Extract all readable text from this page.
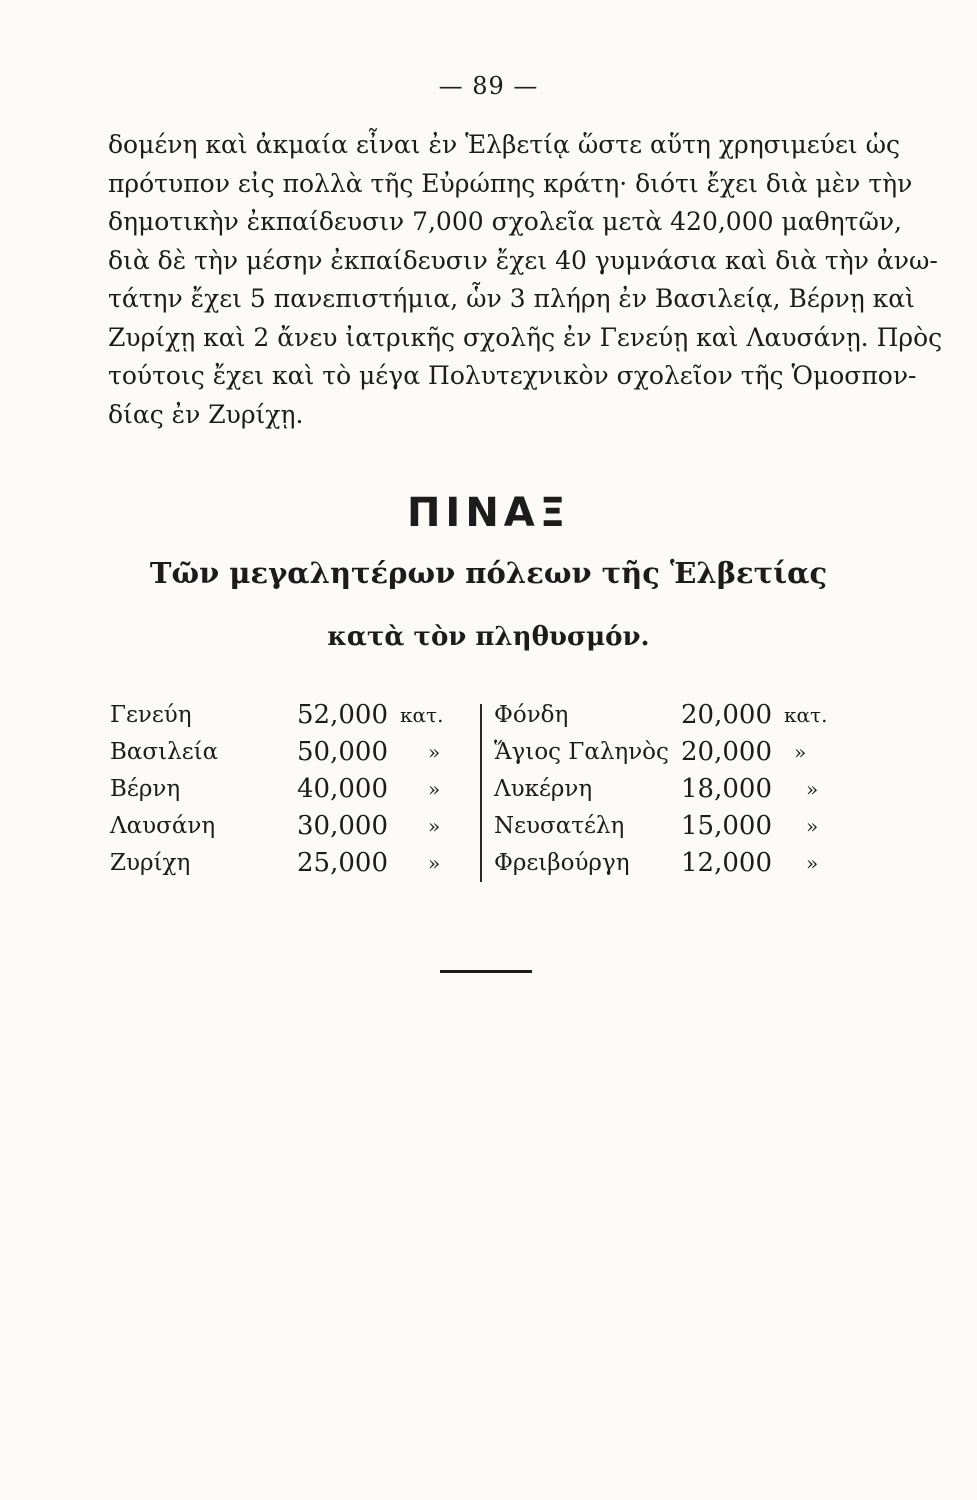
— 89 —
δομένη καὶ ἀκμαία εἶναι ἐν Ἑλβετίᾳ ὥστε αὕτη χρησιμεύει ὡς
πρότυπον εἰς πολλὰ τῆς Εὐρώπης κράτη· διότι ἔχει διὰ μὲν τὴν
δημοτικὴν ἐκπαίδευσιν 7,000 σχολεῖα μετὰ 420,000 μαθητῶν,
διὰ δὲ τὴν μέσην ἐκπαίδευσιν ἔχει 40 γυμνάσια καὶ διὰ τὴν ἀνω-
τάτην ἔχει 5 πανεπιστήμια, ὧν 3 πλήρη ἐν Βασιλείᾳ, Βέρνῃ καὶ
Ζυρίχῃ καὶ 2 ἄνευ ἰατρικῆς σχολῆς ἐν Γενεύῃ καὶ Λαυσάνῃ. Πρὸς
τούτοις ἔχει καὶ τὸ μέγα Πολυτεχνικὸν σχολεῖον τῆς Ὁμοσπον-
δίας ἐν Ζυρίχῃ.
ΠΙΝΑΞ
Τῶν μεγαλητέρων πόλεων τῆς Ἑλβετίας
κατὰ τὸν πληθυσμόν.
Γενεύη	52,000 κατ.
Βασιλεία	50,000 »
Βέρνη	40,000 »
Λαυσάνη	30,000 »
Ζυρίχη	25,000 »
Φόνδη	20,000 κατ.
Ἅγιος Γαληνὸς 20,000 »
Λυκέρνη	18,000 »
Νευσατέλη	15,000 »
Φρειβούργη	12,000 »
